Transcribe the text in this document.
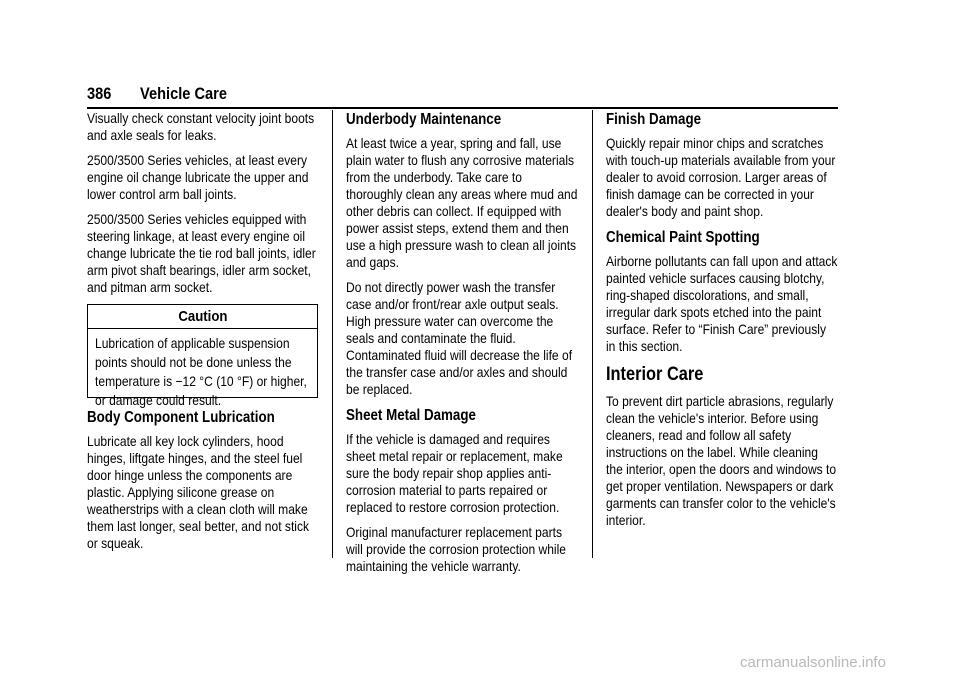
386 Vehicle Care

Visually check constant velocity joint boots and axle seals for leaks.

2500/3500 Series vehicles, at least every engine oil change lubricate the upper and lower control arm ball joints.

2500/3500 Series vehicles equipped with steering linkage, at least every engine oil change lubricate the tie rod ball joints, idler arm pivot shaft bearings, idler arm socket, and pitman arm socket.

Caution

Lubrication of applicable suspension points should not be done unless the temperature is −12 °C (10 °F) or higher, or damage could result.

Body Component Lubrication

Lubricate all key lock cylinders, hood hinges, liftgate hinges, and the steel fuel door hinge unless the components are plastic. Applying silicone grease on weatherstrips with a clean cloth will make them last longer, seal better, and not stick or squeak.

Underbody Maintenance

At least twice a year, spring and fall, use plain water to flush any corrosive materials from the underbody. Take care to thoroughly clean any areas where mud and other debris can collect. If equipped with power assist steps, extend them and then use a high pressure wash to clean all joints and gaps.

Do not directly power wash the transfer case and/or front/rear axle output seals. High pressure water can overcome the seals and contaminate the fluid. Contaminated fluid will decrease the life of the transfer case and/or axles and should be replaced.

Sheet Metal Damage

If the vehicle is damaged and requires sheet metal repair or replacement, make sure the body repair shop applies anti-corrosion material to parts repaired or replaced to restore corrosion protection.

Original manufacturer replacement parts will provide the corrosion protection while maintaining the vehicle warranty.

Finish Damage

Quickly repair minor chips and scratches with touch-up materials available from your dealer to avoid corrosion. Larger areas of finish damage can be corrected in your dealer's body and paint shop.

Chemical Paint Spotting

Airborne pollutants can fall upon and attack painted vehicle surfaces causing blotchy, ring-shaped discolorations, and small, irregular dark spots etched into the paint surface. Refer to “Finish Care” previously in this section.

Interior Care

To prevent dirt particle abrasions, regularly clean the vehicle's interior. Before using cleaners, read and follow all safety instructions on the label. While cleaning the interior, open the doors and windows to get proper ventilation. Newspapers or dark garments can transfer color to the vehicle's interior.

carmanualsonline.info
